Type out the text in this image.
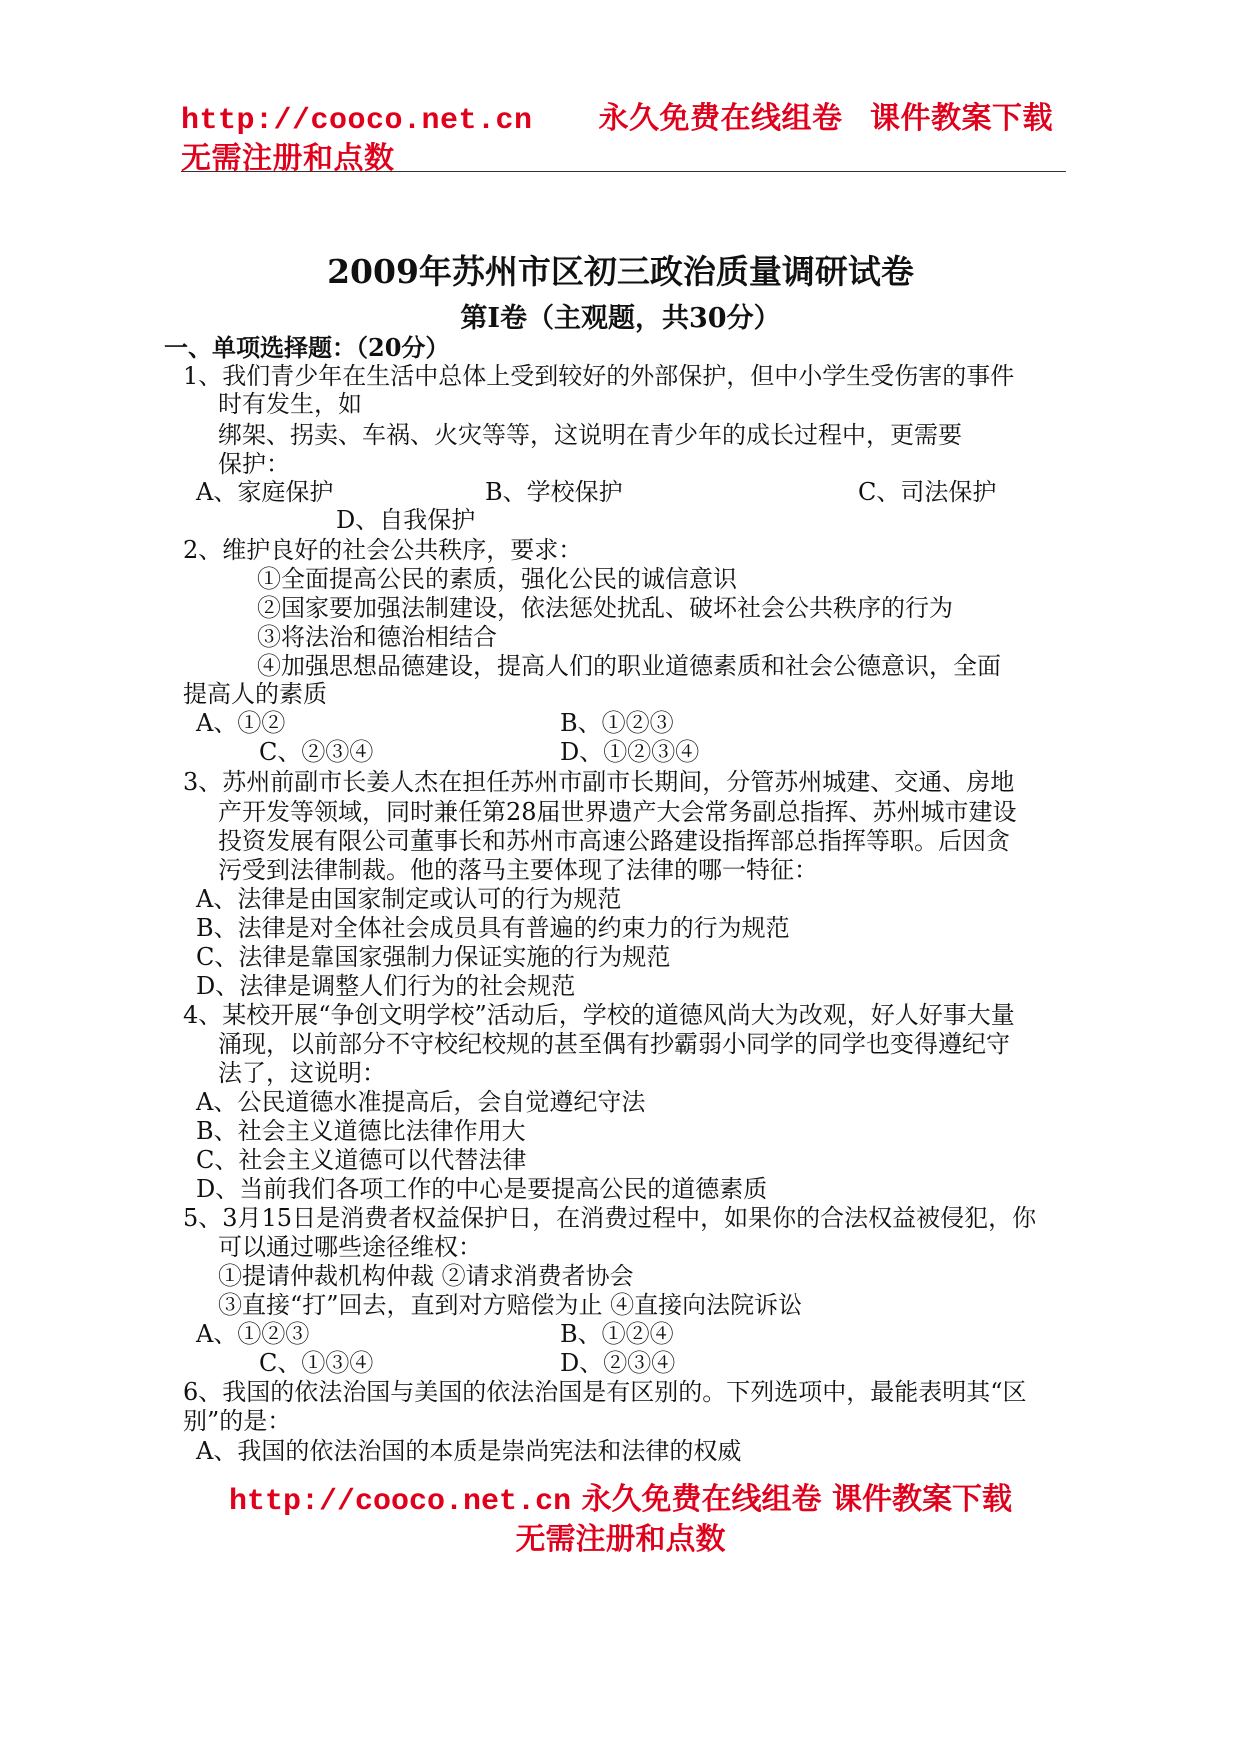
http://cooco.net.cn 永久免费在线组卷 课件教案下载
无需注册和点数
2009年苏州市区初三政治质量调研试卷
第Ⅰ卷（主观题，共30分）
一、单项选择题：（20分）
1、我们青少年在生活中总体上受到较好的外部保护，但中小学生受伤害的事件
时有发生，如
绑架、拐卖、车祸、火灾等等，这说明在青少年的成长过程中，更需要
保护：
A、家庭保护	B、学校保护	C、司法保护
D、自我保护
2、维护良好的社会公共秩序，要求：
①全面提高公民的素质，强化公民的诚信意识
②国家要加强法制建设，依法惩处扰乱、破坏社会公共秩序的行为
③将法治和德治相结合
④加强思想品德建设，提高人们的职业道德素质和社会公德意识，全面
提高人的素质
A、①②	B、①②③
C、②③④	D、①②③④
3、苏州前副市长姜人杰在担任苏州市副市长期间，分管苏州城建、交通、房地
产开发等领域，同时兼任第28届世界遗产大会常务副总指挥、苏州城市建设
投资发展有限公司董事长和苏州市高速公路建设指挥部总指挥等职。后因贪
污受到法律制裁。他的落马主要体现了法律的哪一特征：
A、法律是由国家制定或认可的行为规范
B、法律是对全体社会成员具有普遍的约束力的行为规范
C、法律是靠国家强制力保证实施的行为规范
D、法律是调整人们行为的社会规范
4、某校开展“争创文明学校”活动后，学校的道德风尚大为改观，好人好事大量
涌现，以前部分不守校纪校规的甚至偶有抄霸弱小同学的同学也变得遵纪守
法了，这说明：
A、公民道德水准提高后，会自觉遵纪守法
B、社会主义道德比法律作用大
C、社会主义道德可以代替法律
D、当前我们各项工作的中心是要提高公民的道德素质
5、3月15日是消费者权益保护日，在消费过程中，如果你的合法权益被侵犯，你
可以通过哪些途径维权：
①提请仲裁机构仲裁 ②请求消费者协会
③直接“打”回去，直到对方赔偿为止 ④直接向法院诉讼
A、①②③	B、①②④
C、①③④	D、②③④
6、我国的依法治国与美国的依法治国是有区别的。下列选项中，最能表明其“区
别”的是：
A、我国的依法治国的本质是崇尚宪法和法律的权威
http://cooco.net.cn 永久免费在线组卷 课件教案下载
无需注册和点数
